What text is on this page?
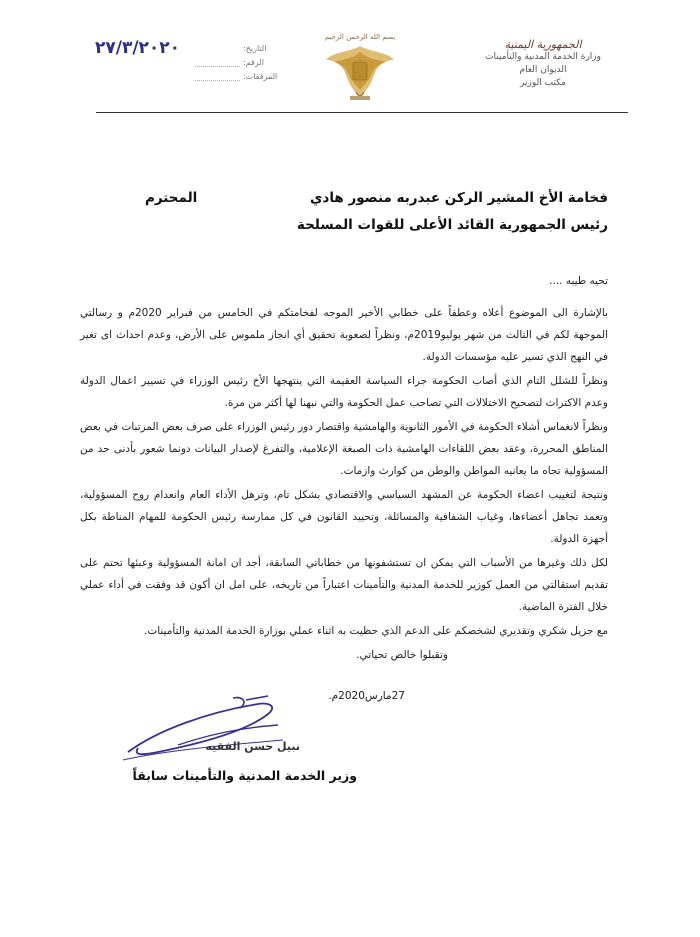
الجمهورية اليمنية
وزارة الخدمة المدنية والتأمينات
الديوان العام
مكتب الوزير
بسم الله الرحمن الرحيم
٢٧/٣/٢٠٢٠	التاريخ:
الرقم:
المرفقات:
فخامة الأخ المشير الركن عبدربه منصور هادي
المحترم
رئيس الجمهورية القائد الأعلى للقوات المسلحة

تحيه طيبه ....

بالإشارة الى الموضوع أعلاه وعطفاً على خطابي الأخير الموجه لفخامتكم في الخامس من فبراير 2020م و رسالتي الموجهة لكم في الثالث من شهر يوليو2019م، ونظراً لصعوبة تحقيق أي انجاز ملموس على الأرض، وعدم احداث اى تغير في النهج الذي تسير عليه مؤسسات الدولة.

ونظراً للشلل التام الذي أصاب الحكومة جراء السياسة العقيمة التي ينتهجها الأخ رئيس الوزراء في تسيير اعمال الدولة وعدم الاكتراث لتصحيح الاختلالات التي تصاحب عمل الحكومة والتي نبهنا لها أكثر من مرة.

ونظراً لانغماس أشلاء الحكومة في الأمور الثانوية والهامشية واقتصار دور رئيس الوزراء على صرف بعض المرتبات في بعض المناطق المحررة، وعقد بعض اللقاءات الهامشية ذات الصبغة الإعلامية، والتفرغ لإصدار البيانات دونما شعور بأدنى حد من المسؤولية تجاه ما يعانيه المواطن والوطن من كوارث وازمات.

ونتيجة لتغييب اعضاء الحكومة عن المشهد السياسي والاقتصادي بشكل تام، وترهل الأداء العام وانعدام روح المسؤولية، وتعمد تجاهل أعضاءها، وغياب الشفافية والمسائلة، وتحييد القانون في كل ممارسة رئيس الحكومة للمهام المناطة بكل أجهزة الدولة.

لكل ذلك وغيرها من الأسباب التي يمكن ان تستشفونها من خطاباتي السابقة، أجد ان امانة المسؤولية وعبئها تحتم على تقديم استقالتي من العمل كوزير للخدمة المدنية والتأمينات اعتباراً من تاريخه، على امل ان أكون قد وفقت في أداء عملي خلال الفترة الماضية.

مع جزيل شكري وتقديري لشخصكم على الدعم الذي حظيت به اثناء عملي بوزارة الخدمة المدنية والتأمينات.

وتقبلوا خالص تحياتي.

27مارس2020م.
نبيل حسن الفقيه
وزير الخدمة المدنية والتأمينات سابقاً
